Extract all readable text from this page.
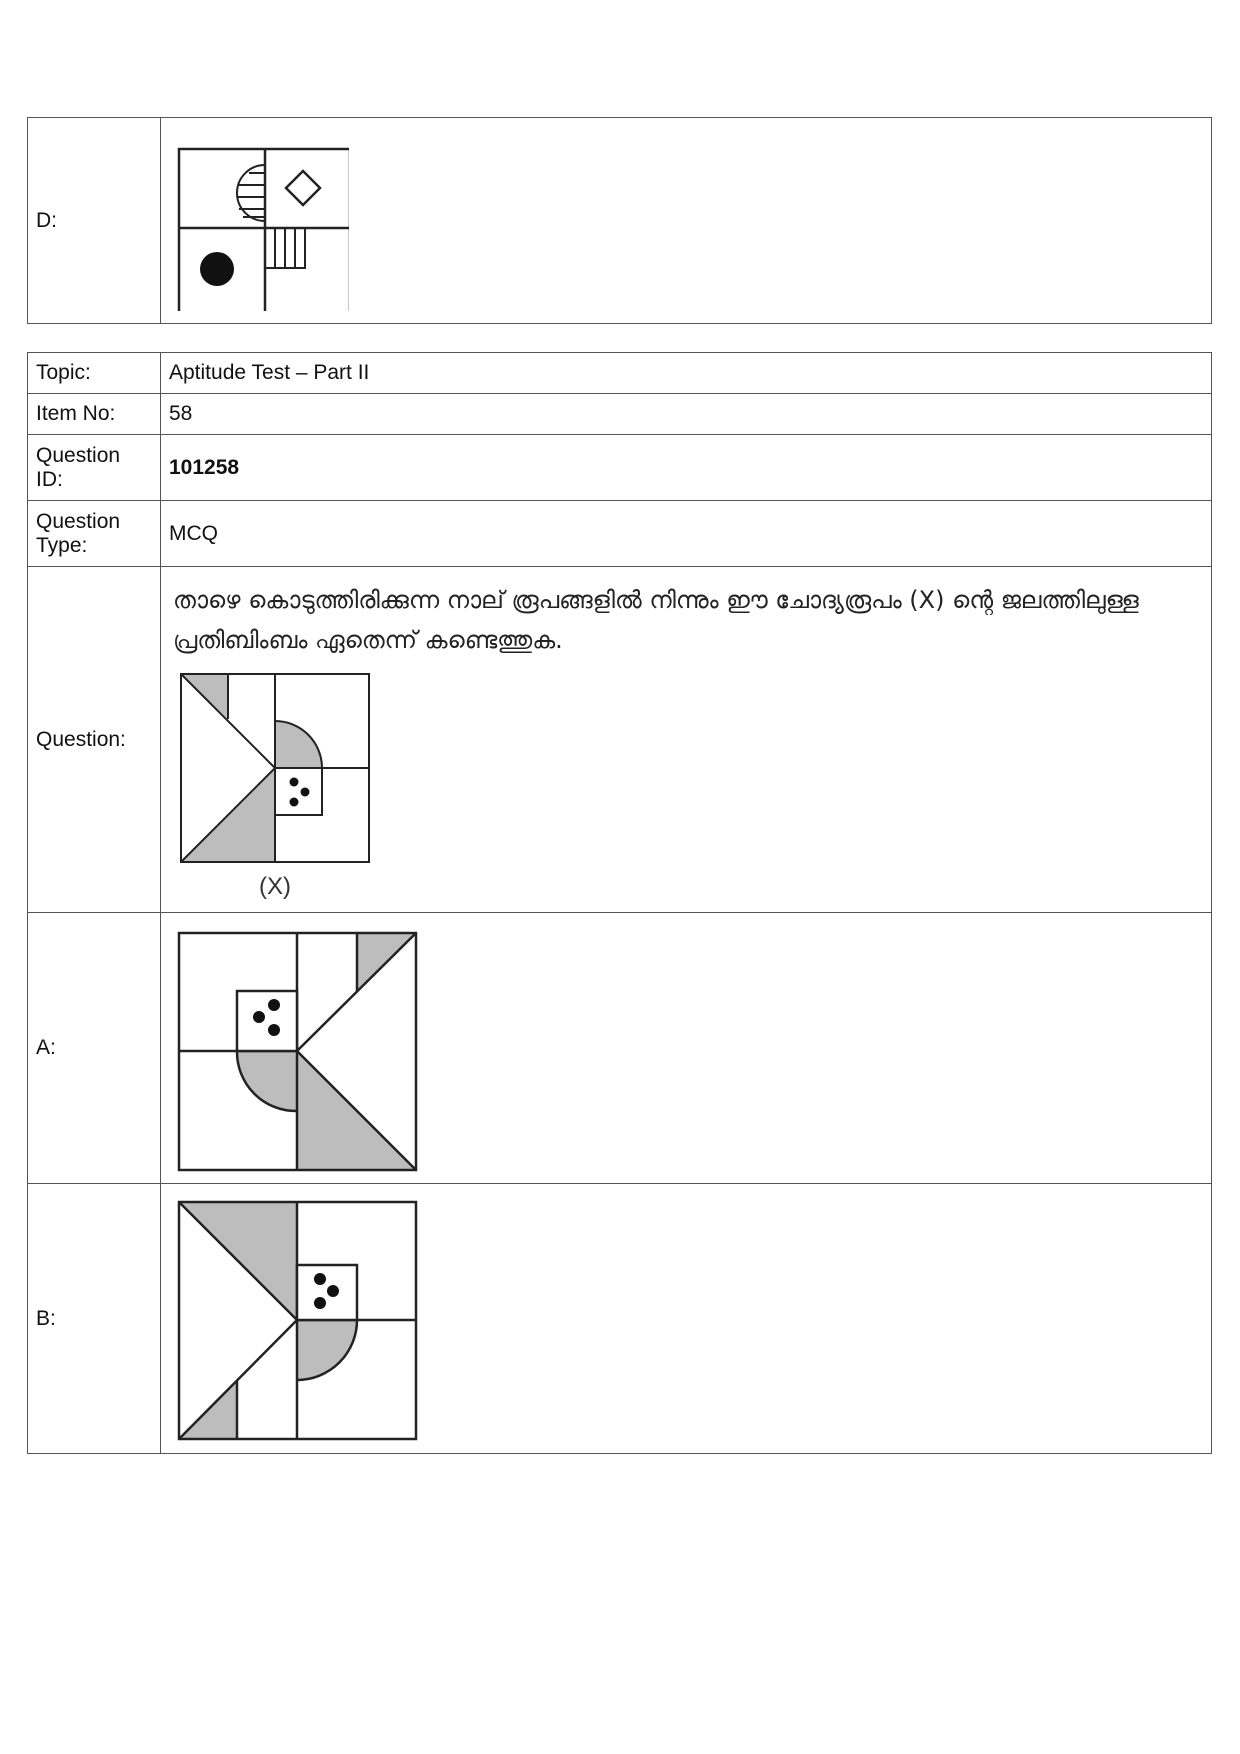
D:	
Topic:	Aptitude Test – Part II
Item No:	58
Question ID:	101258
Question Type:	MCQ
Question:	താഴെ കൊടുത്തിരിക്കുന്ന നാല് രൂപങ്ങളിൽ നിന്നും ഈ ചോദ്യരൂപം (X) ന്റെ ജലത്തിലുള്ള പ്രതിബിംബം ഏതെന്ന് കണ്ടെത്തുക.
(X)

A:	

B:	
